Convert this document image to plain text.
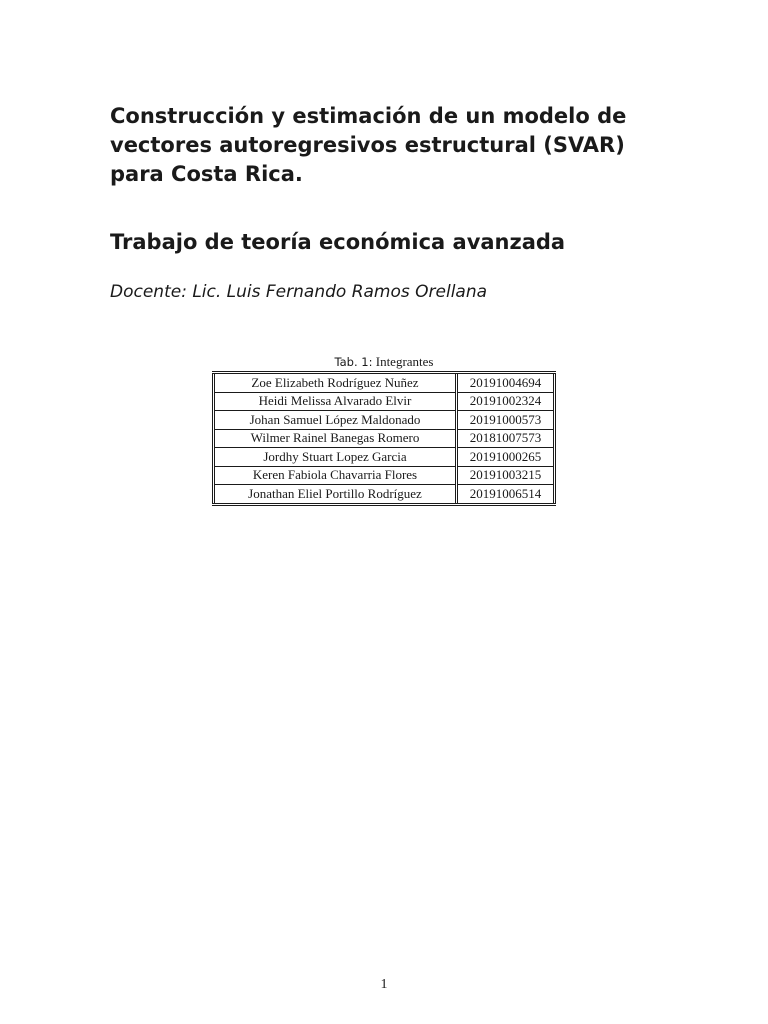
Construcción y estimación de un modelo de vectores autoregresivos estructural (SVAR) para Costa Rica.
Trabajo de teoría económica avanzada

Docente: Lic. Luis Fernando Ramos Orellana

Tab. 1: Integrantes
Zoe Elizabeth Rodríguez Nuñez	20191004694
Heidi Melissa Alvarado Elvir	20191002324
Johan Samuel López Maldonado	20191000573
Wilmer Rainel Banegas Romero	20181007573
Jordhy Stuart Lopez Garcia	20191000265
Keren Fabiola Chavarria Flores	20191003215
Jonathan Eliel Portillo Rodríguez	20191006514
1
